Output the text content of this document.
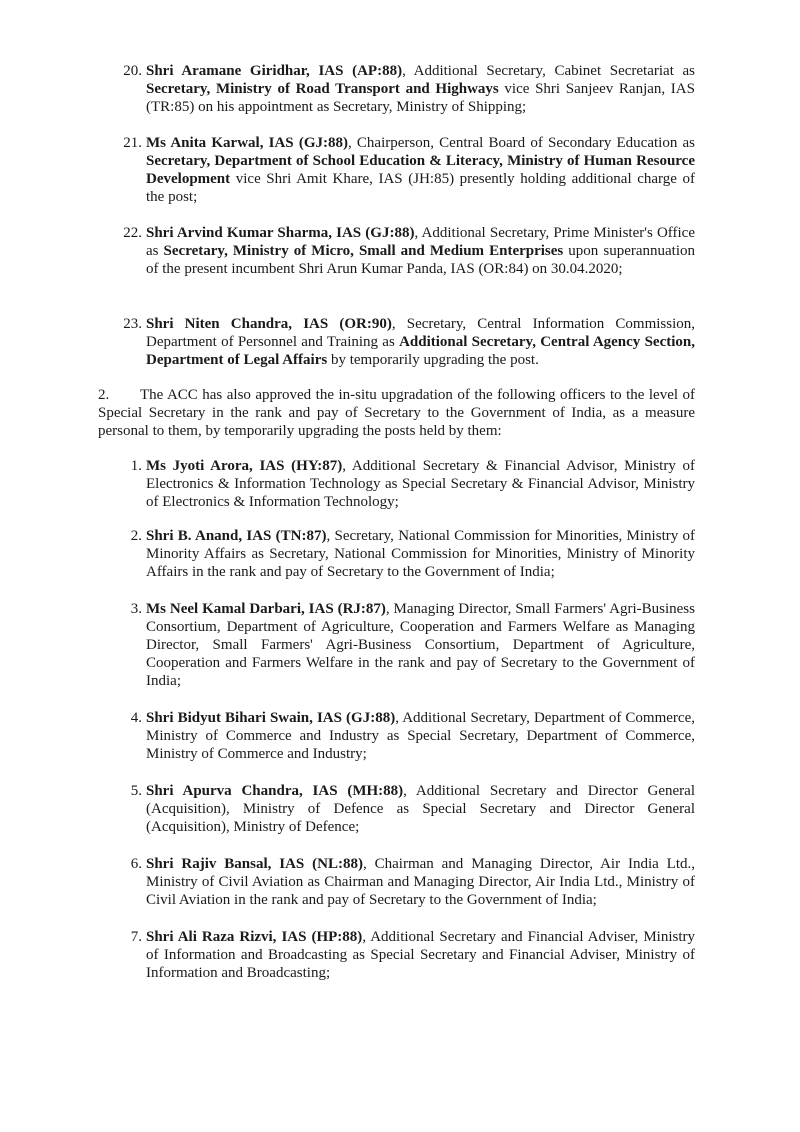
20. Shri Aramane Giridhar, IAS (AP:88), Additional Secretary, Cabinet Secretariat as Secretary, Ministry of Road Transport and Highways vice Shri Sanjeev Ranjan, IAS (TR:85) on his appointment as Secretary, Ministry of Shipping;
21. Ms Anita Karwal, IAS (GJ:88), Chairperson, Central Board of Secondary Education as Secretary, Department of School Education & Literacy, Ministry of Human Resource Development vice Shri Amit Khare, IAS (JH:85) presently holding additional charge of the post;
22. Shri Arvind Kumar Sharma, IAS (GJ:88), Additional Secretary, Prime Minister's Office as Secretary, Ministry of Micro, Small and Medium Enterprises upon superannuation of the present incumbent Shri Arun Kumar Panda, IAS (OR:84) on 30.04.2020;
23. Shri Niten Chandra, IAS (OR:90), Secretary, Central Information Commission, Department of Personnel and Training as Additional Secretary, Central Agency Section, Department of Legal Affairs by temporarily upgrading the post.
2. The ACC has also approved the in-situ upgradation of the following officers to the level of Special Secretary in the rank and pay of Secretary to the Government of India, as a measure personal to them, by temporarily upgrading the posts held by them:
1. Ms Jyoti Arora, IAS (HY:87), Additional Secretary & Financial Advisor, Ministry of Electronics & Information Technology as Special Secretary & Financial Advisor, Ministry of Electronics & Information Technology;
2. Shri B. Anand, IAS (TN:87), Secretary, National Commission for Minorities, Ministry of Minority Affairs as Secretary, National Commission for Minorities, Ministry of Minority Affairs in the rank and pay of Secretary to the Government of India;
3. Ms Neel Kamal Darbari, IAS (RJ:87), Managing Director, Small Farmers' Agri-Business Consortium, Department of Agriculture, Cooperation and Farmers Welfare as Managing Director, Small Farmers' Agri-Business Consortium, Department of Agriculture, Cooperation and Farmers Welfare in the rank and pay of Secretary to the Government of India;
4. Shri Bidyut Bihari Swain, IAS (GJ:88), Additional Secretary, Department of Commerce, Ministry of Commerce and Industry as Special Secretary, Department of Commerce, Ministry of Commerce and Industry;
5. Shri Apurva Chandra, IAS (MH:88), Additional Secretary and Director General (Acquisition), Ministry of Defence as Special Secretary and Director General (Acquisition), Ministry of Defence;
6. Shri Rajiv Bansal, IAS (NL:88), Chairman and Managing Director, Air India Ltd., Ministry of Civil Aviation as Chairman and Managing Director, Air India Ltd., Ministry of Civil Aviation in the rank and pay of Secretary to the Government of India;
7. Shri Ali Raza Rizvi, IAS (HP:88), Additional Secretary and Financial Adviser, Ministry of Information and Broadcasting as Special Secretary and Financial Adviser, Ministry of Information and Broadcasting;
